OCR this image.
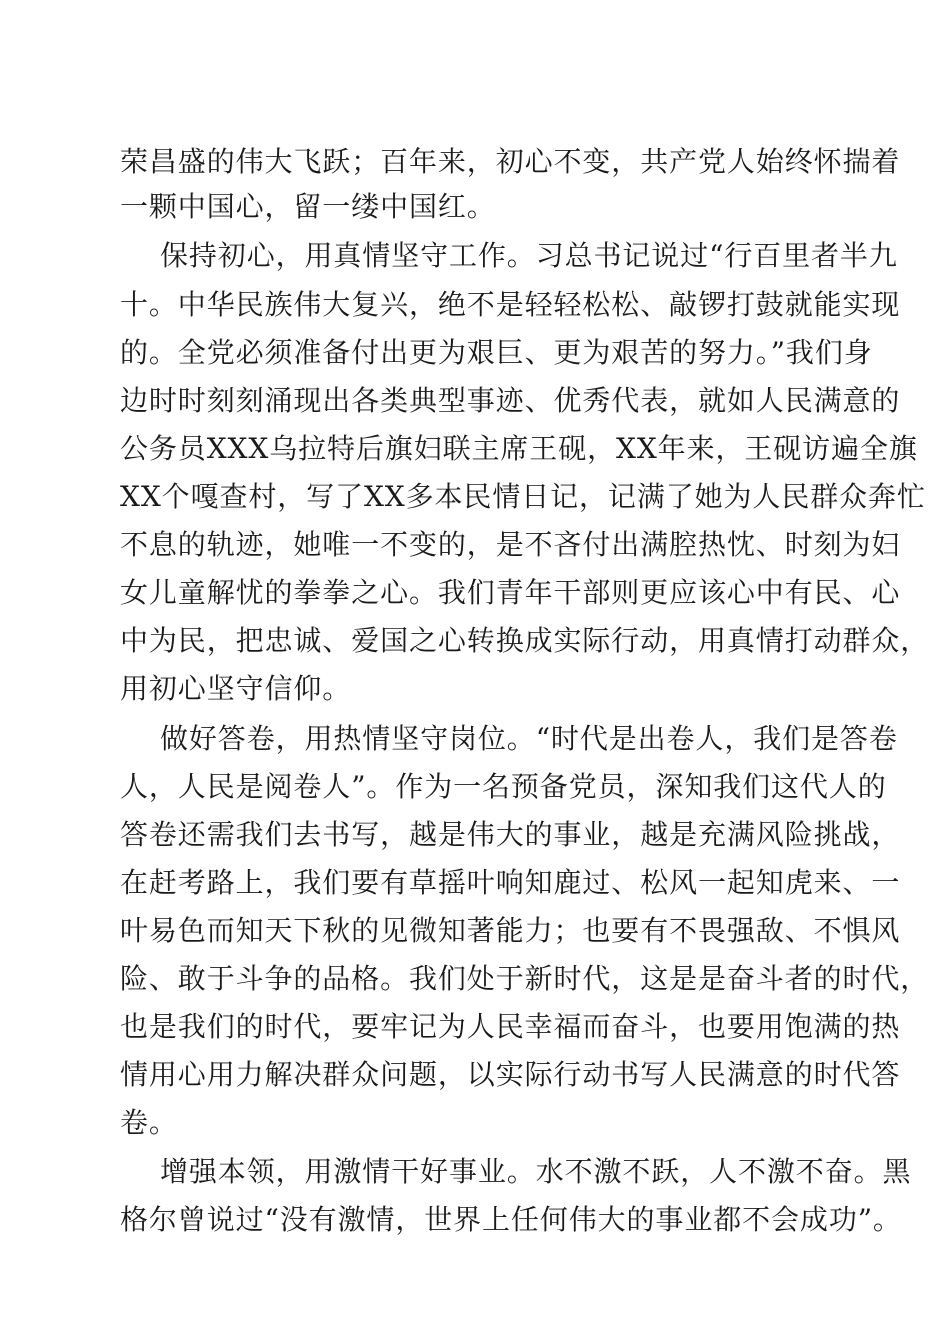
荣昌盛的伟大飞跃；百年来，初心不变，共产党人始终怀揣着
一颗中国心，留一缕中国红。
保持初心，用真情坚守工作。习总书记说过“行百里者半九
十。中华民族伟大复兴，绝不是轻轻松松、敲锣打鼓就能实现
的。全党必须准备付出更为艰巨、更为艰苦的努力。”我们身
边时时刻刻涌现出各类典型事迹、优秀代表，就如人民满意的
公务员XXX乌拉特后旗妇联主席王砚，XX年来，王砚访遍全旗
XX个嘎查村，写了XX多本民情日记，记满了她为人民群众奔忙
不息的轨迹，她唯一不变的，是不吝付出满腔热忱、时刻为妇
女儿童解忧的拳拳之心。我们青年干部则更应该心中有民、心
中为民，把忠诚、爱国之心转换成实际行动，用真情打动群众，
用初心坚守信仰。
做好答卷，用热情坚守岗位。“时代是出卷人，我们是答卷
人，人民是阅卷人”。作为一名预备党员，深知我们这代人的
答卷还需我们去书写，越是伟大的事业，越是充满风险挑战，
在赶考路上，我们要有草摇叶响知鹿过、松风一起知虎来、一
叶易色而知天下秋的见微知著能力；也要有不畏强敌、不惧风
险、敢于斗争的品格。我们处于新时代，这是是奋斗者的时代，
也是我们的时代，要牢记为人民幸福而奋斗，也要用饱满的热
情用心用力解决群众问题，以实际行动书写人民满意的时代答
卷。
增强本领，用激情干好事业。水不激不跃，人不激不奋。黑
格尔曾说过“没有激情，世界上任何伟大的事业都不会成功”。
